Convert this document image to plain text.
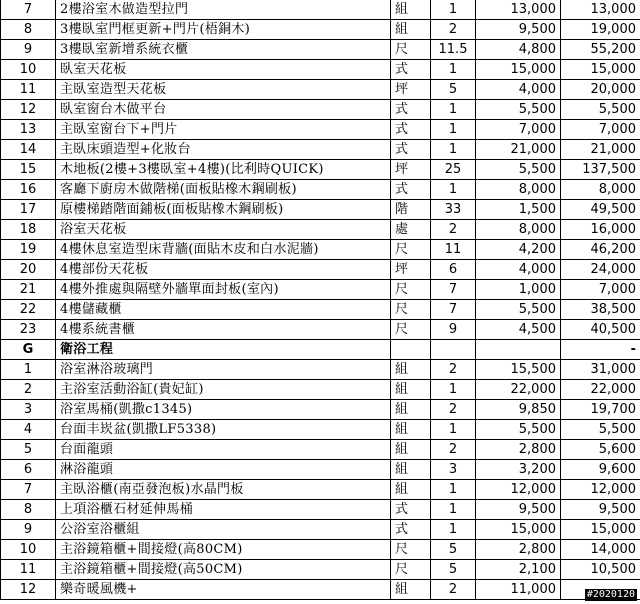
7	2樓浴室木做造型拉門	組	1	13,000	13,000
8	3樓臥室門框更新+門片(梧銅木)	組	2	9,500	19,000
9	3樓臥室新增系統衣櫃	尺	11.5	4,800	55,200
10	臥室天花板	式	1	15,000	15,000
11	主臥室造型天花板	坪	5	4,000	20,000
12	臥室窗台木做平台	式	1	5,500	5,500
13	主臥室窗台下+門片	式	1	7,000	7,000
14	主臥床頭造型+化妝台	式	1	21,000	21,000
15	木地板(2樓+3樓臥室+4樓)(比利時QUICK)	坪	25	5,500	137,500
16	客廳下廚房木做階梯(面板貼橡木鋼刷板)	式	1	8,000	8,000
17	原樓梯踏階面鋪板(面板貼橡木鋼刷板)	階	33	1,500	49,500
18	浴室天花板	處	2	8,000	16,000
19	4樓休息室造型床背牆(面貼木皮和白水泥牆)	尺	11	4,200	46,200
20	4樓部份天花板	坪	6	4,000	24,000
21	4樓外推處與隔壁外牆單面封板(室內)	尺	7	1,000	7,000
22	4樓儲藏櫃	尺	7	5,500	38,500
23	4樓系統書櫃	尺	9	4,500	40,500
G	衛浴工程				-
1	浴室淋浴玻璃門	組	2	15,500	31,000
2	主浴室活動浴缸(貴妃缸)	組	1	22,000	22,000
3	浴室馬桶(凱撒c1345)	組	2	9,850	19,700
4	台面丰崁盆(凱撒LF5338)	組	1	5,500	5,500
5	台面龍頭	組	2	2,800	5,600
6	淋浴龍頭	組	3	3,200	9,600
7	主臥浴櫃(南亞發泡板)水晶門板	組	1	12,000	12,000
8	上項浴櫃石材延伸馬桶	式	1	9,500	9,500
9	公浴室浴櫃組	式	1	15,000	15,000
10	主浴鏡箱櫃+間接燈(高80CM)	尺	5	2,800	14,000
11	主浴鏡箱櫃+間接燈(高50CM)	尺	5	2,100	10,500
12	樂奇暖風機+	組	2	11,000		#2020120
